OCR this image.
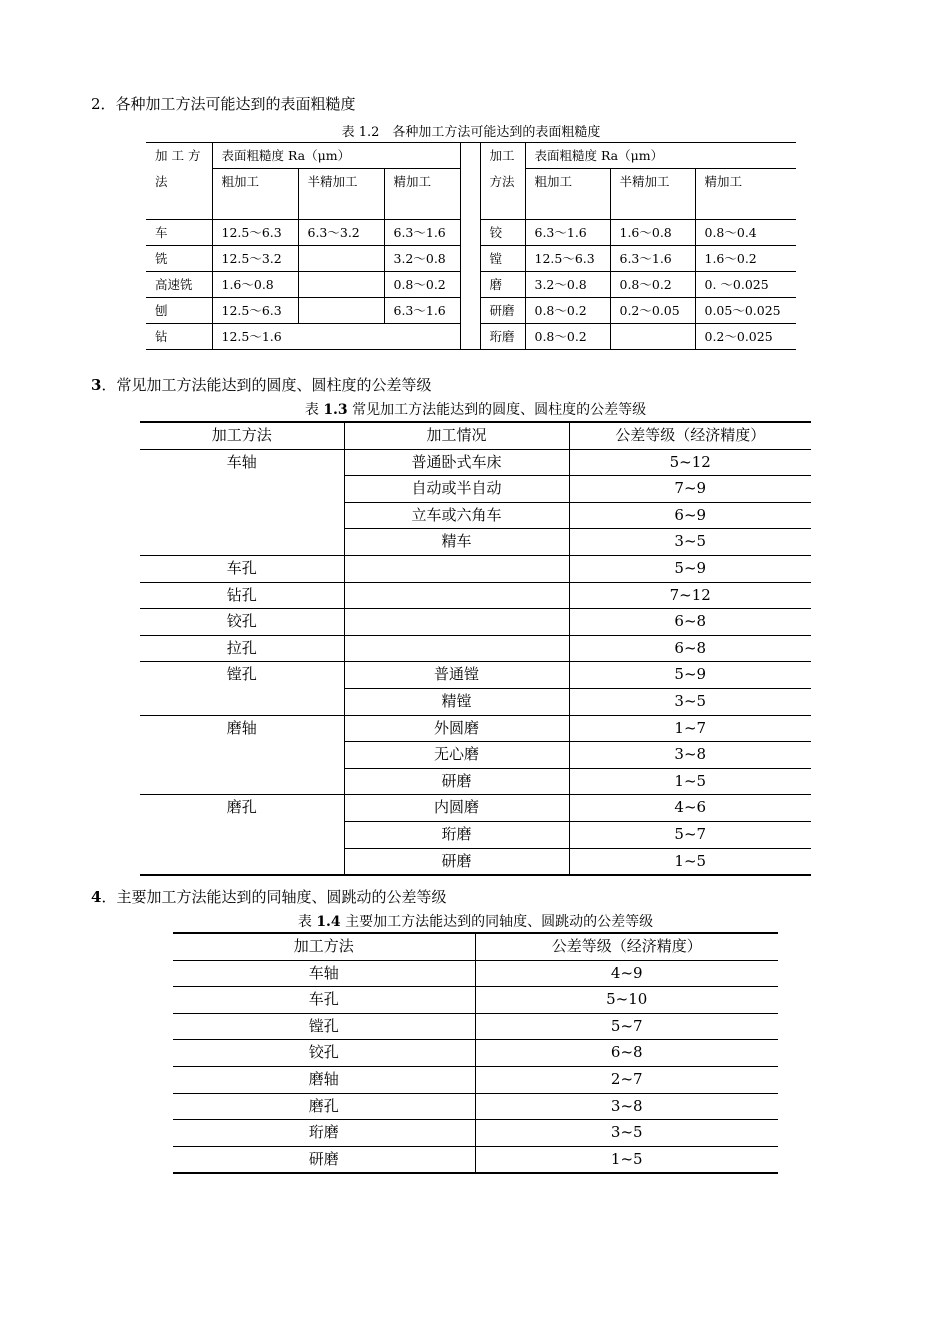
2．各种加工方法可能达到的表面粗糙度
表 1.2　各种加工方法可能达到的表面粗糙度
加 工 方	表面粗糙度 Ra（μm）				加工	表面粗糙度 Ra（μm）		
法	粗加工	半精加工	精加工		方法	粗加工	半精加工	精加工
车	12.5～6.3	6.3～3.2	6.3～1.6		铰	6.3～1.6	1.6～0.8	0.8～0.4
铣	12.5～3.2		3.2～0.8		镗	12.5～6.3	6.3～1.6	1.6～0.2
高速铣	1.6～0.8		0.8～0.2		磨	3.2～0.8	0.8～0.2	0. ～0.025
刨	12.5～6.3		6.3～1.6		研磨	0.8～0.2	0.2～0.05	0.05～0.025
钻	12.5～1.6				珩磨	0.8～0.2		0.2～0.025
3．常见加工方法能达到的圆度、圆柱度的公差等级
表 1.3 常见加工方法能达到的圆度、圆柱度的公差等级
加工方法	加工情况	公差等级（经济精度）
车轴	普通卧式车床	5~12
	自动或半自动	7~9
	立车或六角车	6~9
	精车	3~5
车孔		5~9
钻孔		7~12
铰孔		6~8
拉孔		6~8
镗孔	普通镗	5~9
	精镗	3~5
磨轴	外圆磨	1~7
	无心磨	3~8
	研磨	1~5
磨孔	内圆磨	4~6
	珩磨	5~7
	研磨	1~5
4．主要加工方法能达到的同轴度、圆跳动的公差等级
表 1.4 主要加工方法能达到的同轴度、圆跳动的公差等级
加工方法	公差等级（经济精度）
车轴	4~9
车孔	5~10
镗孔	5~7
铰孔	6~8
磨轴	2~7
磨孔	3~8
珩磨	3~5
研磨	1~5
